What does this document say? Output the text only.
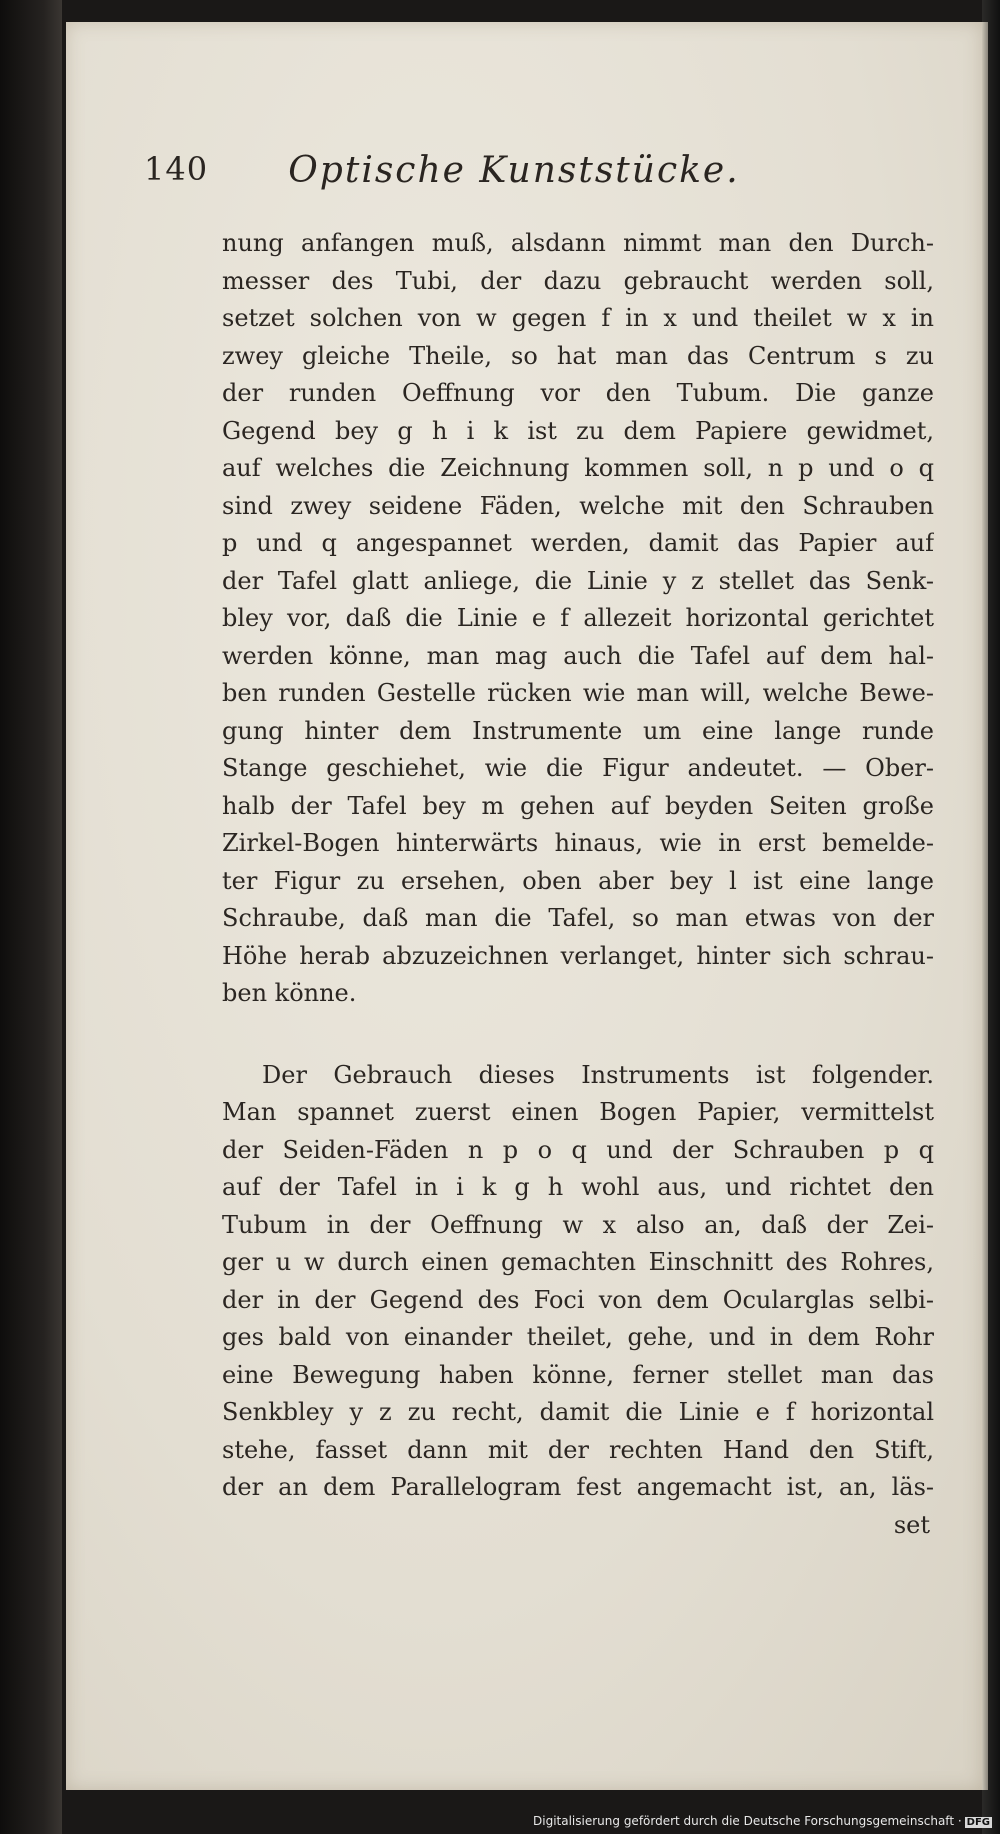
140	Optische Kunststücke.
nung anfangen muß, alsdann nimmt man den Durch-
messer des Tubi, der dazu gebraucht werden soll,
setzet solchen von w gegen f in x und theilet w x in
zwey gleiche Theile, so hat man das Centrum s zu
der runden Oeffnung vor den Tubum. Die ganze
Gegend bey g h i k ist zu dem Papiere gewidmet,
auf welches die Zeichnung kommen soll, n p und o q
sind zwey seidene Fäden, welche mit den Schrauben
p und q angespannet werden, damit das Papier auf
der Tafel glatt anliege, die Linie y z stellet das Senk-
bley vor, daß die Linie e f allezeit horizontal gerichtet
werden könne, man mag auch die Tafel auf dem hal-
ben runden Gestelle rücken wie man will, welche Bewe-
gung hinter dem Instrumente um eine lange runde
Stange geschiehet, wie die Figur andeutet. — Ober-
halb der Tafel bey m gehen auf beyden Seiten große
Zirkel-Bogen hinterwärts hinaus, wie in erst bemeldе-
ter Figur zu ersehen, oben aber bey l ist eine lange
Schraube, daß man die Tafel, so man etwas von der
Höhe herab abzuzeichnen verlanget, hinter sich schrau-
ben könne.
Der Gebrauch dieses Instruments ist folgender.
Man spannet zuerst einen Bogen Papier, vermittelst
der Seiden-Fäden n p o q und der Schrauben p q
auf der Tafel in i k g h wohl aus, und richtet den
Tubum in der Oeffnung w x also an, daß der Zei-
ger u w durch einen gemachten Einschnitt des Rohres,
der in der Gegend des Foci von dem Ocularglas selbi-
ges bald von einander theilet, gehe, und in dem Rohr
eine Bewegung haben könne, ferner stellet man das
Senkbley y z zu recht, damit die Linie e f horizontal
stehe, fasset dann mit der rechten Hand den Stift,
der an dem Parallelogram fest angemacht ist, an, läs-
set
Digitalisierung gefördert durch die Deutsche Forschungsgemeinschaft · DFG
